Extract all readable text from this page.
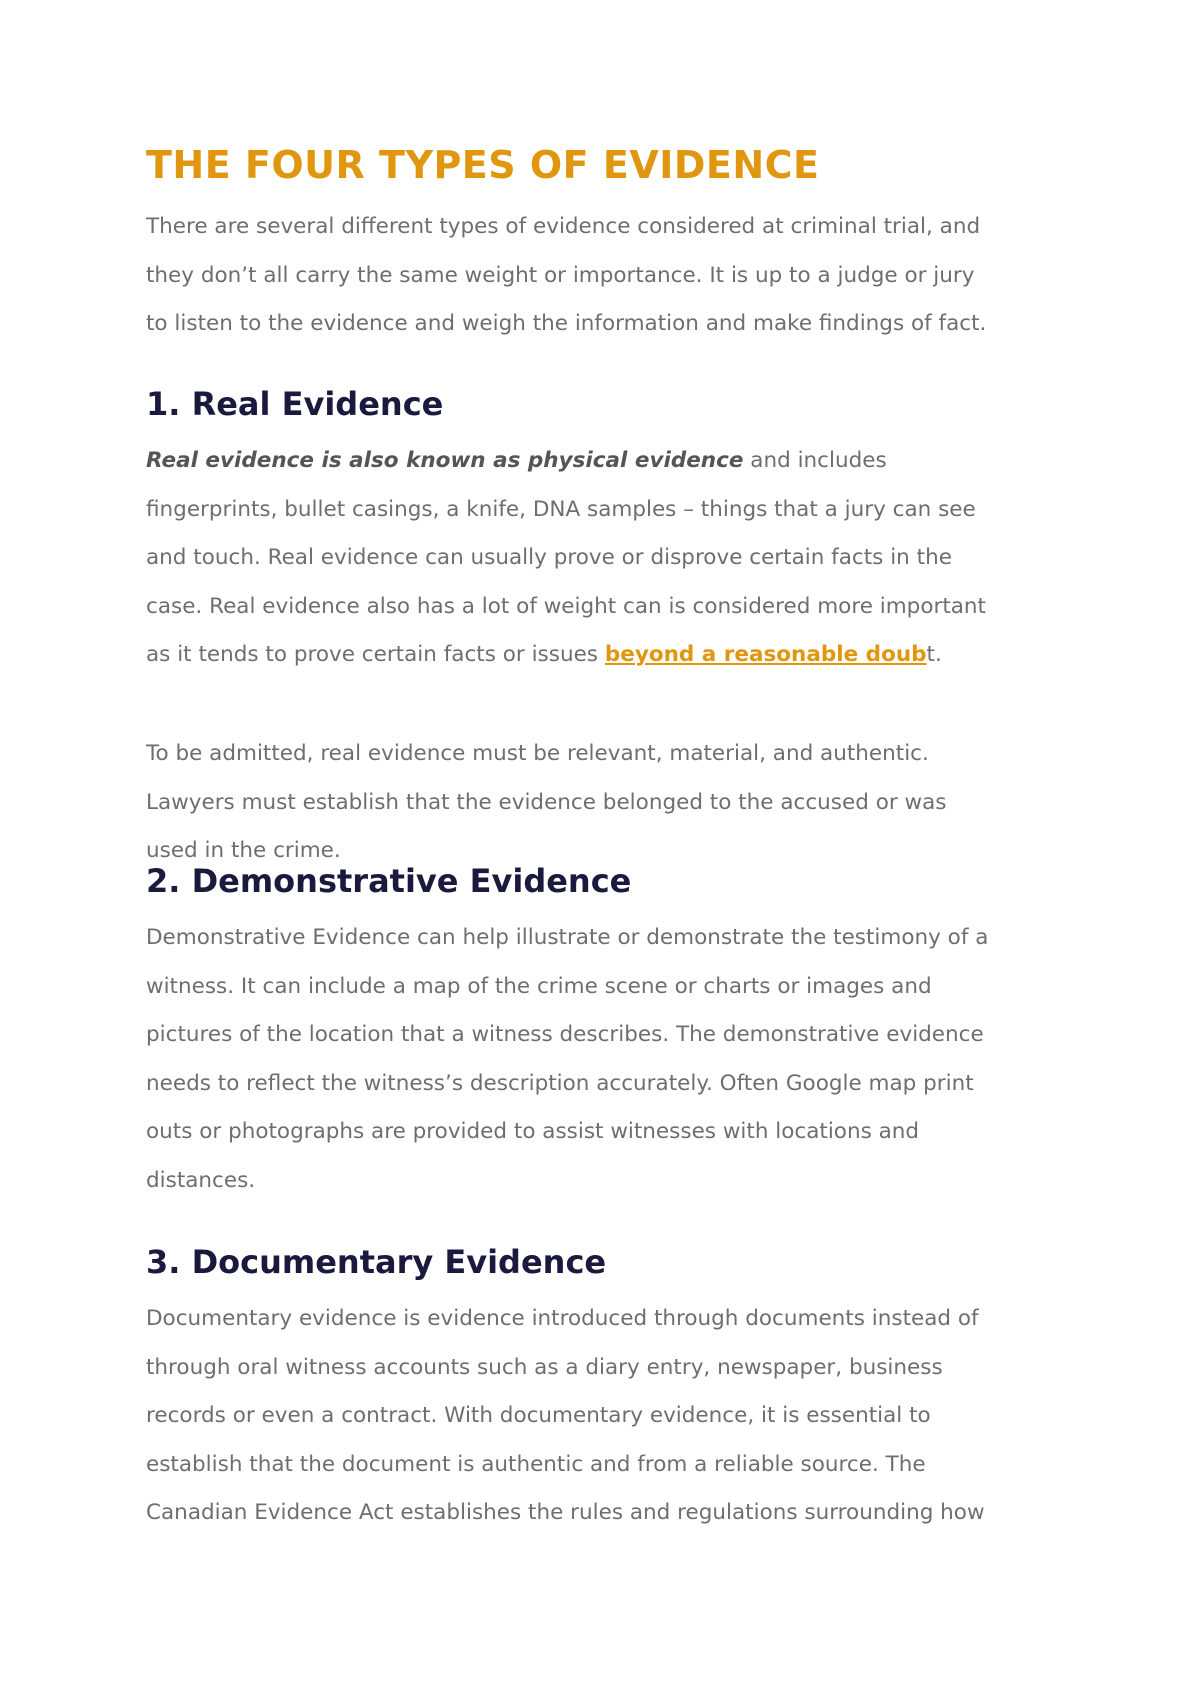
THE FOUR TYPES OF EVIDENCE
There are several different types of evidence considered at criminal trial, and
they don’t all carry the same weight or importance. It is up to a judge or jury
to listen to the evidence and weigh the information and make findings of fact.
1. Real Evidence
Real evidence is also known as physical evidence and includes
fingerprints, bullet casings, a knife, DNA samples – things that a jury can see
and touch. Real evidence can usually prove or disprove certain facts in the
case. Real evidence also has a lot of weight can is considered more important
as it tends to prove certain facts or issues beyond a reasonable doubt.
To be admitted, real evidence must be relevant, material, and authentic.
Lawyers must establish that the evidence belonged to the accused or was
used in the crime.
2. Demonstrative Evidence
Demonstrative Evidence can help illustrate or demonstrate the testimony of a
witness. It can include a map of the crime scene or charts or images and
pictures of the location that a witness describes. The demonstrative evidence
needs to reflect the witness’s description accurately. Often Google map print
outs or photographs are provided to assist witnesses with locations and
distances.
3. Documentary Evidence
Documentary evidence is evidence introduced through documents instead of
through oral witness accounts such as a diary entry, newspaper, business
records or even a contract. With documentary evidence, it is essential to
establish that the document is authentic and from a reliable source. The
Canadian Evidence Act establishes the rules and regulations surrounding how
